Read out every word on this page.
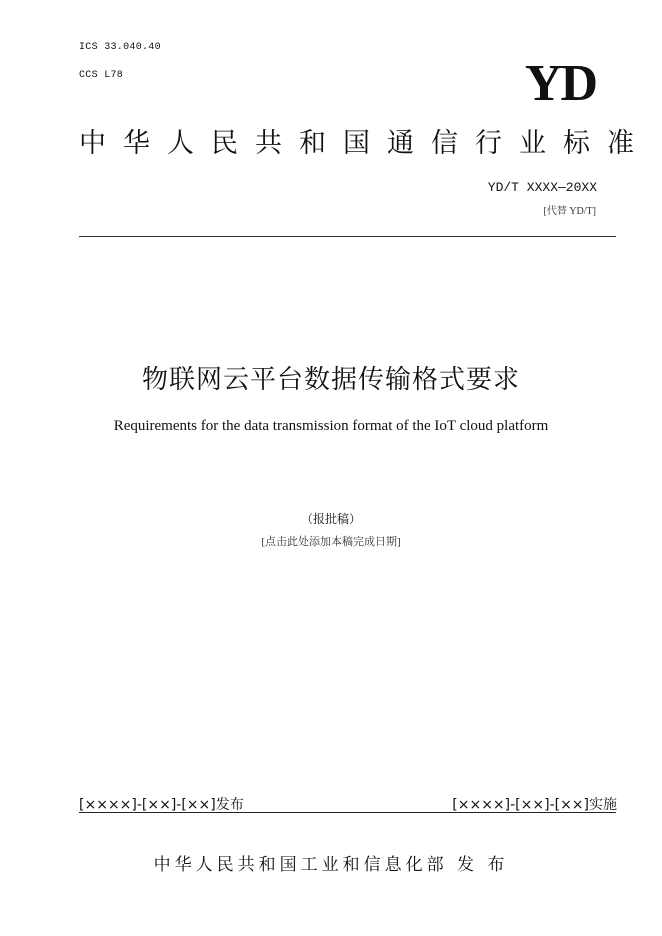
ICS 33.040.40
CCS L78	YD
中华人民共和国通信行业标准
YD/T XXXX—20XX
[代替 YD/T]
物联网云平台数据传输格式要求
Requirements for the data transmission format of the IoT cloud platform
（报批稿）
[点击此处添加本稿完成日期]
[××××]-[××]-[××]发布	[××××]-[××]-[××]实施
中华人民共和国工业和信息化部 发 布
